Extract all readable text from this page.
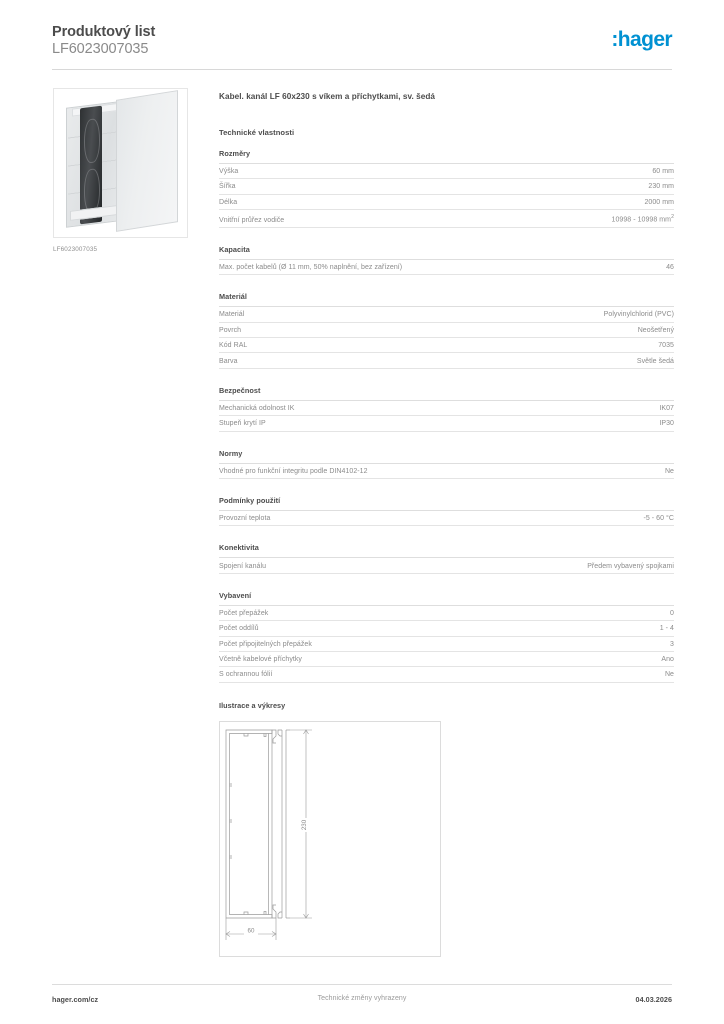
Produktový list
LF6023007035	:hager
LF6023007035
Kabel. kanál LF 60x230 s víkem a příchytkami, sv. šedá
Technické vlastnosti
Rozměry
Výška	60 mm
Šířka	230 mm
Délka	2000 mm
Vnitřní průřez vodiče	10998 - 10998 $mm^2$
Kapacita
Max. počet kabelů (Ø 11 mm, 50% naplnění, bez zařízení)	46
Materiál
Materiál	Polyvinylchlorid (PVC)
Povrch	Neošetřený
Kód RAL	7035
Barva	Světle šedá
Bezpečnost
Mechanická odolnost IK	IK07
Stupeň krytí IP	IP30
Normy
Vhodné pro funkční integritu podle DIN4102-12	Ne
Podmínky použití
Provozní teplota	-5 - 60 °C
Konektivita
Spojení kanálu	Předem vybavený spojkami
Vybavení
Počet přepážek	0
Počet oddílů	1 - 4
Počet připojitelných přepážek	3
Včetně kabelové příchytky	Ano
S ochrannou fólií	Ne
Ilustrace a výkresy
230
60
hager.com/cz	Technické změny vyhrazeny	04.03.2026
